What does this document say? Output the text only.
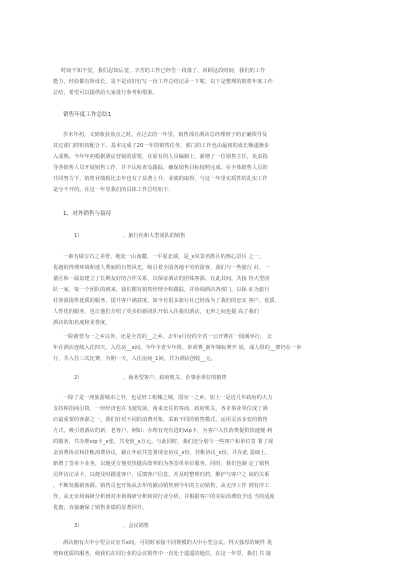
时间不知不觉，我们忍知后觉，辛苦的工作已经告一段落了，回顾这段时间，我们的工作
能力，经验都有所成长，是不是该好好写一份工作总结记录一下呢。以下是整理的销售年度工作
总结，希望可以提供给大家进行参考和借鉴。
销售年度工作总结1
岁末年初，又到收获盘点之时。在过去的一年里，销售部在酒店总经理班子的正确领导及
其它部门的密切配合下，基本完成了20一年的销售任务。部门的工作也由最初的成长顺遂渐步
入成熟。今年年初根据酒店营销的需要，在原有的人员编制上，新增了一位销售主任，负责指
导各销售人员开展销售工作，并不认检查及跟踪，确保销售目标按照完成。在全体销售人员的
共同努力下，销售业绩相比去年也有了显著上升。业绩的取得，与这一年里实质性的扎实工作
是分不开的。在这一年里我们的具体工作总结如下：
1、对外销售与接待
1）	、旅行社和大型团队的销售
一素有绿宝石之美誉，地处一山南麓，一平原北端，是_x风景名胜区的核心景区 之一，
优越的得理环境和迷人秀丽的自然风光，吸引着全国各地不劳的游客，我们与一些旅行 社，一
量区和一温泉建立了长期友好的合作关系，以保证酒店的团体客源。在此其间，共接 待大型团
队一家，每一个团队的到来，我们都有销售经理全程跟踪，并协调酒店各部门，以保 证为旅行
社客源提供优质的服务，提升客户满意度。如今有很多旅行社已经成为了我们的忠实 客户，优质、
人性化的服务，也让他们介绍了更多的新团队开始入住我们酒店，无形之间也提 高了我们
酒店的知名度和美誉度。
一除被誉为一之乡以外，还是全省的__之乡。去年x月份的全省一公开赛在一圆满举行， 去
年在酒店连续入住四天，入住房__x间。今年全省少年组、单项赛_新年锦标赛开 展，成人组的__赛仍在一举
行，共入住三次比赛，为期一天，入住房间_1间，共为酒店创收__元。
2）	、商务型客户、政府机关、企事业单位的销售
一除了是一座旅游城市之外，也是轻工机械之城，国室一之乡。加上一是近几年政府的大力
支持和招商引资，一经经济也在飞速发展，南来北往的客商，政府机关、各企事业单位成了酒
店最重要的客源之一。我们针对不同的消费对象，采取不同的销售模式，运用灵活多变的销售
方式，吸引着酒店的新、老客户。例如：办理有充有进的vip卡，为客户入住消费提供快速便 利
的服务，共办理vip卡_x张，共充值_x万元。与此同时，我们还分别与一些客户和单位签 署了现
金消费协议和挂帐消费协议，截止年底共签署现金协议_x份，挂帐协议_x份，并在此 基础上，
新增了签单卡业务，以便更方便更快捷高效率的为各签单单位服务。同时，我们也制 定了销售
员拜访记录卡，以便及时跟进客户，反馈客户信息，并及时整理归档，维护与客户之 间的关系
，不断发掘新客源。销售员也开始从去年的被动销售到今年的主动销售，从无序工作 到有序工
作，从无市场调研分析到对市场调研分析和同行业分析，并根据客户的实际消费给予适 当的适度
优惠，直接确保了销售业绩的显著回升。
3）	、会议销售
酒店拥有大中小型会议室共x间，可同时承接不同规模的大中小型会议。得天独厚的硬件 优
势和优质的服务，使我们在同行业的会议销售中一直处于遥遥的地位。在这一年里，我们 共 接
